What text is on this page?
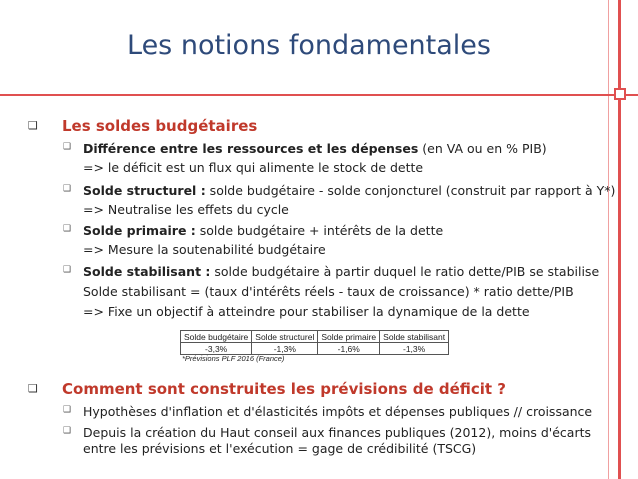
Les notions fondamentales
❑ Les soldes budgétaires
❑ Différence entre les ressources et les dépenses (en VA ou en % PIB)
=> le déficit est un flux qui alimente le stock de dette
❑ Solde structurel : solde budgétaire - solde conjoncturel (construit par rapport à Y*)
=> Neutralise les effets du cycle
❑ Solde primaire : solde budgétaire + intérêts de la dette
=> Mesure la soutenabilité budgétaire
❑ Solde stabilisant : solde budgétaire à partir duquel le ratio dette/PIB se stabilise
Solde stabilisant = (taux d'intérêts réels - taux de croissance) * ratio dette/PIB
=> Fixe un objectif à atteindre pour stabiliser la dynamique de la dette
Solde budgétaire	Solde structurel	Solde primaire	Solde stabilisant
-3,3%	-1,3%	-1,6%	-1,3%
*Prévisions PLF 2016 (France)
❑ Comment sont construites les prévisions de déficit ?
❑ Hypothèses d'inflation et d'élasticités impôts et dépenses publiques // croissance
❑ Depuis la création du Haut conseil aux finances publiques (2012), moins d'écarts
entre les prévisions et l'exécution = gage de crédibilité (TSCG)
